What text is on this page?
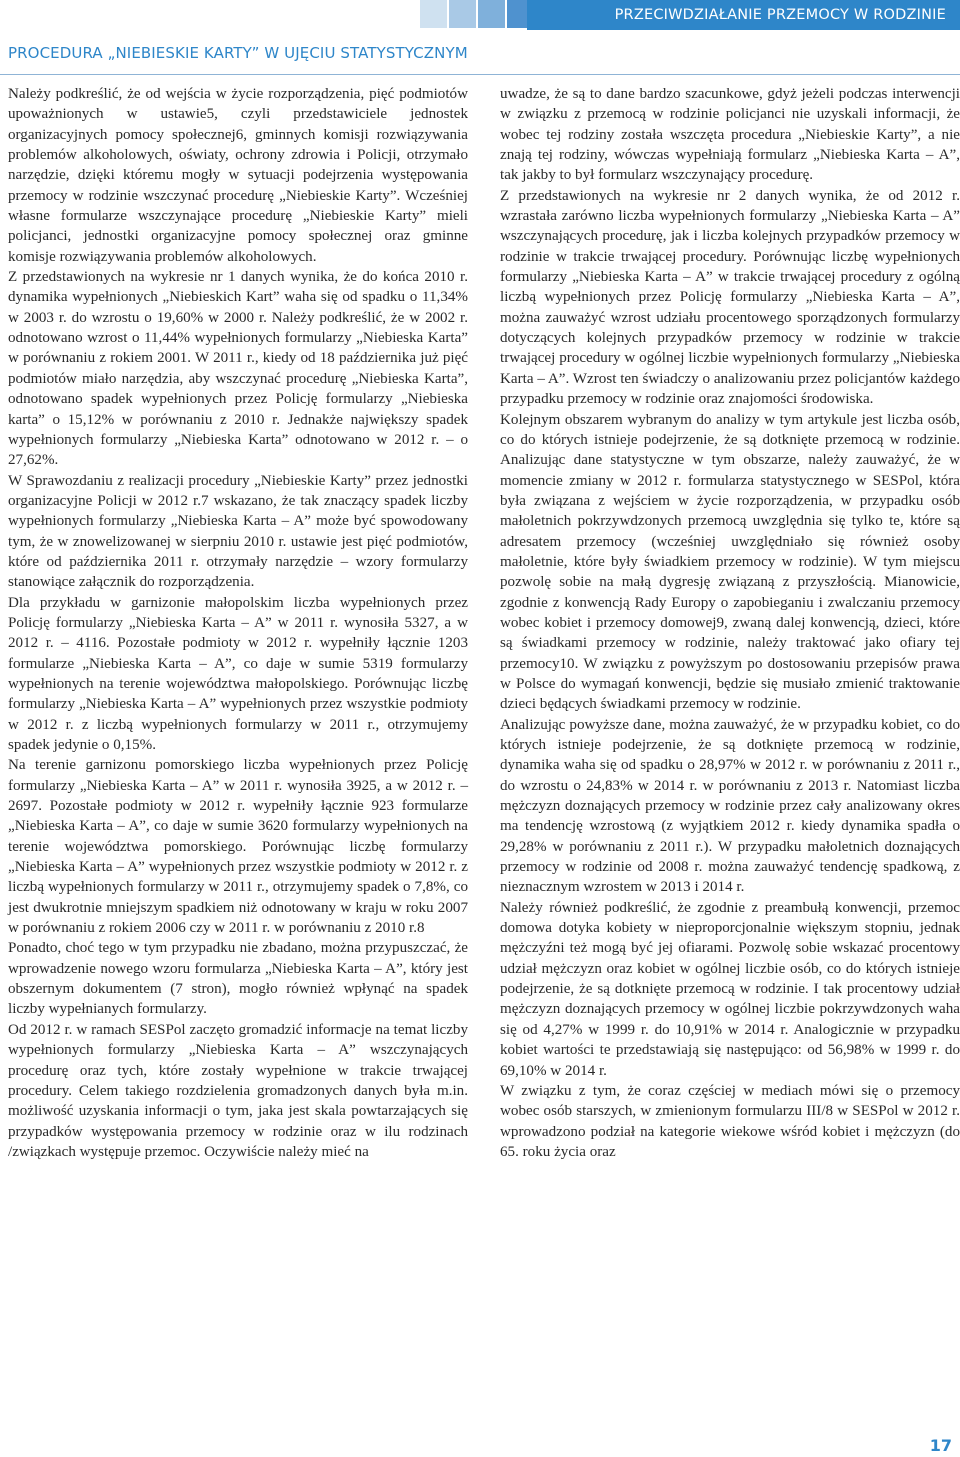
PRZECIWDZIAŁANIE PRZEMOCY W RODZINIE
PROCEDURA „NIEBIESKIE KARTY” W UJĘCIU STATYSTYCZNYM

Należy podkreślić, że od wejścia w życie rozporządzenia, pięć podmiotów upoważnionych w ustawie5, czyli przedstawiciele jednostek organizacyjnych pomocy społecznej6, gminnych komisji rozwiązywania problemów alkoholowych, oświaty, ochrony zdrowia i Policji, otrzymało narzędzie, dzięki któremu mogły w sytuacji podejrzenia występowania przemocy w rodzinie wszczynać procedurę „Niebieskie Karty”. Wcześniej własne formularze wszczynające procedurę „Niebieskie Karty” mieli policjanci, jednostki organizacyjne pomocy społecznej oraz gminne komisje rozwiązywania problemów alkoholowych.

Z przedstawionych na wykresie nr 1 danych wynika, że do końca 2010 r. dynamika wypełnionych „Niebieskich Kart” waha się od spadku o 11,34% w 2003 r. do wzrostu o 19,60% w 2000 r. Należy podkreślić, że w 2002 r. odnotowano wzrost o 11,44% wypełnionych formularzy „Niebieska Karta” w porównaniu z rokiem 2001. W 2011 r., kiedy od 18 października już pięć podmiotów miało narzędzia, aby wszczynać procedurę „Niebieska Karta”, odnotowano spadek wypełnionych przez Policję formularzy „Niebieska karta” o 15,12% w porównaniu z 2010 r. Jednakże największy spadek wypełnionych formularzy „Niebieska Karta” odnotowano w 2012 r. – o 27,62%.

W Sprawozdaniu z realizacji procedury „Niebieskie Karty” przez jednostki organizacyjne Policji w 2012 r.7 wskazano, że tak znaczący spadek liczby wypełnionych formularzy „Niebieska Karta – A” może być spowodowany tym, że w znowelizowanej w sierpniu 2010 r. ustawie jest pięć podmiotów, które od października 2011 r. otrzymały narzędzie – wzory formularzy stanowiące załącznik do rozporządzenia.

Dla przykładu w garnizonie małopolskim liczba wypełnionych przez Policję formularzy „Niebieska Karta – A” w 2011 r. wynosiła 5327, a w 2012 r. – 4116. Pozostałe podmioty w 2012 r. wypełniły łącznie 1203 formularze „Niebieska Karta – A”, co daje w sumie 5319 formularzy wypełnionych na terenie województwa małopolskiego. Porównując liczbę formularzy „Niebieska Karta – A” wypełnionych przez wszystkie podmioty w 2012 r. z liczbą wypełnionych formularzy w 2011 r., otrzymujemy spadek jedynie o 0,15%.

Na terenie garnizonu pomorskiego liczba wypełnionych przez Policję formularzy „Niebieska Karta – A” w 2011 r. wynosiła 3925, a w 2012 r. – 2697. Pozostałe podmioty w 2012 r. wypełniły łącznie 923 formularze „Niebieska Karta – A”, co daje w sumie 3620 formularzy wypełnionych na terenie województwa pomorskiego. Porównując liczbę formularzy „Niebieska Karta – A” wypełnionych przez wszystkie podmioty w 2012 r. z liczbą wypełnionych formularzy w 2011 r., otrzymujemy spadek o 7,8%, co jest dwukrotnie mniejszym spadkiem niż odnotowany w kraju w roku 2007 w porównaniu z rokiem 2006 czy w 2011 r. w porównaniu z 2010 r.8

Ponadto, choć tego w tym przypadku nie zbadano, można przypuszczać, że wprowadzenie nowego wzoru formularza „Niebieska Karta – A”, który jest obszernym dokumentem (7 stron), mogło również wpłynąć na spadek liczby wypełnianych formularzy.

Od 2012 r. w ramach SESPol zaczęto gromadzić informacje na temat liczby wypełnionych formularzy „Niebieska Karta – A” wszczynających procedurę oraz tych, które zostały wypełnione w trakcie trwającej procedury. Celem takiego rozdzielenia gromadzonych danych była m.in. możliwość uzyskania informacji o tym, jaka jest skala powtarzających się przypadków występowania przemocy w rodzinie oraz w ilu rodzinach /związkach występuje przemoc. Oczywiście należy mieć na

uwadze, że są to dane bardzo szacunkowe, gdyż jeżeli podczas interwencji w związku z przemocą w rodzinie policjanci nie uzyskali informacji, że wobec tej rodziny została wszczęta procedura „Niebieskie Karty”, a nie znają tej rodziny, wówczas wypełniają formularz „Niebieska Karta – A”, tak jakby to był formularz wszczynający procedurę.

Z przedstawionych na wykresie nr 2 danych wynika, że od 2012 r. wzrastała zarówno liczba wypełnionych formularzy „Niebieska Karta – A” wszczynających procedurę, jak i liczba kolejnych przypadków przemocy w rodzinie w trakcie trwającej procedury. Porównując liczbę wypełnionych formularzy „Niebieska Karta – A” w trakcie trwającej procedury z ogólną liczbą wypełnionych przez Policję formularzy „Niebieska Karta – A”, można zauważyć wzrost udziału procentowego sporządzonych formularzy dotyczących kolejnych przypadków przemocy w rodzinie w trakcie trwającej procedury w ogólnej liczbie wypełnionych formularzy „Niebieska Karta – A”. Wzrost ten świadczy o analizowaniu przez policjantów każdego przypadku przemocy w rodzinie oraz znajomości środowiska.

Kolejnym obszarem wybranym do analizy w tym artykule jest liczba osób, co do których istnieje podejrzenie, że są dotknięte przemocą w rodzinie. Analizując dane statystyczne w tym obszarze, należy zauważyć, że w momencie zmiany w 2012 r. formularza statystycznego w SESPol, która była związana z wejściem w życie rozporządzenia, w przypadku osób małoletnich pokrzywdzonych przemocą uwzględnia się tylko te, które są adresatem przemocy (wcześniej uwzględniało się również osoby małoletnie, które były świadkiem przemocy w rodzinie). W tym miejscu pozwolę sobie na małą dygresję związaną z przyszłością. Mianowicie, zgodnie z konwencją Rady Europy o zapobieganiu i zwalczaniu przemocy wobec kobiet i przemocy domowej9, zwaną dalej konwencją, dzieci, które są świadkami przemocy w rodzinie, należy traktować jako ofiary tej przemocy10. W związku z powyższym po dostosowaniu przepisów prawa w Polsce do wymagań konwencji, będzie się musiało zmienić traktowanie dzieci będących świadkami przemocy w rodzinie.

Analizując powyższe dane, można zauważyć, że w przypadku kobiet, co do których istnieje podejrzenie, że są dotknięte przemocą w rodzinie, dynamika waha się od spadku o 28,97% w 2012 r. w porównaniu z 2011 r., do wzrostu o 24,83% w 2014 r. w porównaniu z 2013 r. Natomiast liczba mężczyzn doznających przemocy w rodzinie przez cały analizowany okres ma tendencję wzrostową (z wyjątkiem 2012 r. kiedy dynamika spadła o 29,28% w porównaniu z 2011 r.). W przypadku małoletnich doznających przemocy w rodzinie od 2008 r. można zauważyć tendencję spadkową, z nieznacznym wzrostem w 2013 i 2014 r.

Należy również podkreślić, że zgodnie z preambułą konwencji, przemoc domowa dotyka kobiety w nieproporcjonalnie większym stopniu, jednak mężczyźni też mogą być jej ofiarami. Pozwolę sobie wskazać procentowy udział mężczyzn oraz kobiet w ogólnej liczbie osób, co do których istnieje podejrzenie, że są dotknięte przemocą w rodzinie. I tak procentowy udział mężczyzn doznających przemocy w ogólnej liczbie pokrzywdzonych waha się od 4,27% w 1999 r. do 10,91% w 2014 r. Analogicznie w przypadku kobiet wartości te przedstawiają się następująco: od 56,98% w 1999 r. do 69,10% w 2014 r.

W związku z tym, że coraz częściej w mediach mówi się o przemocy wobec osób starszych, w zmienionym formularzu III/8 w SESPol w 2012 r. wprowadzono podział na kategorie wiekowe wśród kobiet i mężczyzn (do 65. roku życia oraz

17
